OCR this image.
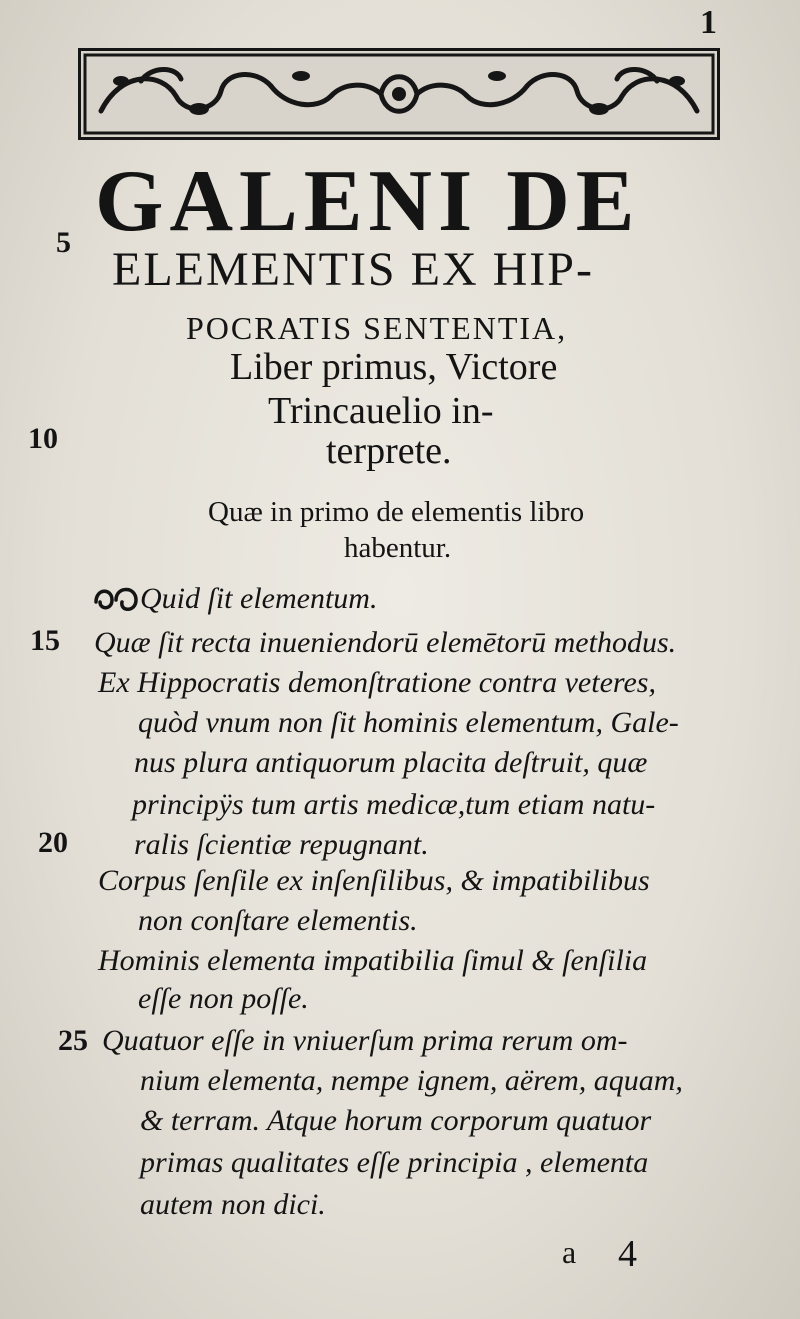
1
GALENI DE
ELEMENTIS EX HIP-
POCRATIS SENTENTIA,
Liber primus, Victore
Trincauelio in-
terprete.
5
10
15
20
25
Quæ in primo de elementis libro
habentur.
Quid ſit elementum.
Quæ ſit recta inueniendorū elemētorū methodus.
Ex Hippocratis demonſtratione contra veteres,
quòd vnum non ſit hominis elementum, Gale-
nus plura antiquorum placita deſtruit, quæ
principÿs tum artis medicæ,tum etiam natu-
ralis ſcientiæ repugnant.
Corpus ſenſile ex inſenſilibus, & impatibilibus
non conſtare elementis.
Hominis elementa impatibilia ſimul & ſenſilia
eſſe non poſſe.
Quatuor eſſe in vniuerſum prima rerum om-
nium elementa, nempe ignem, aërem, aquam,
& terram. Atque horum corporum quatuor
primas qualitates eſſe principia , elementa
autem non dici.
a 4
